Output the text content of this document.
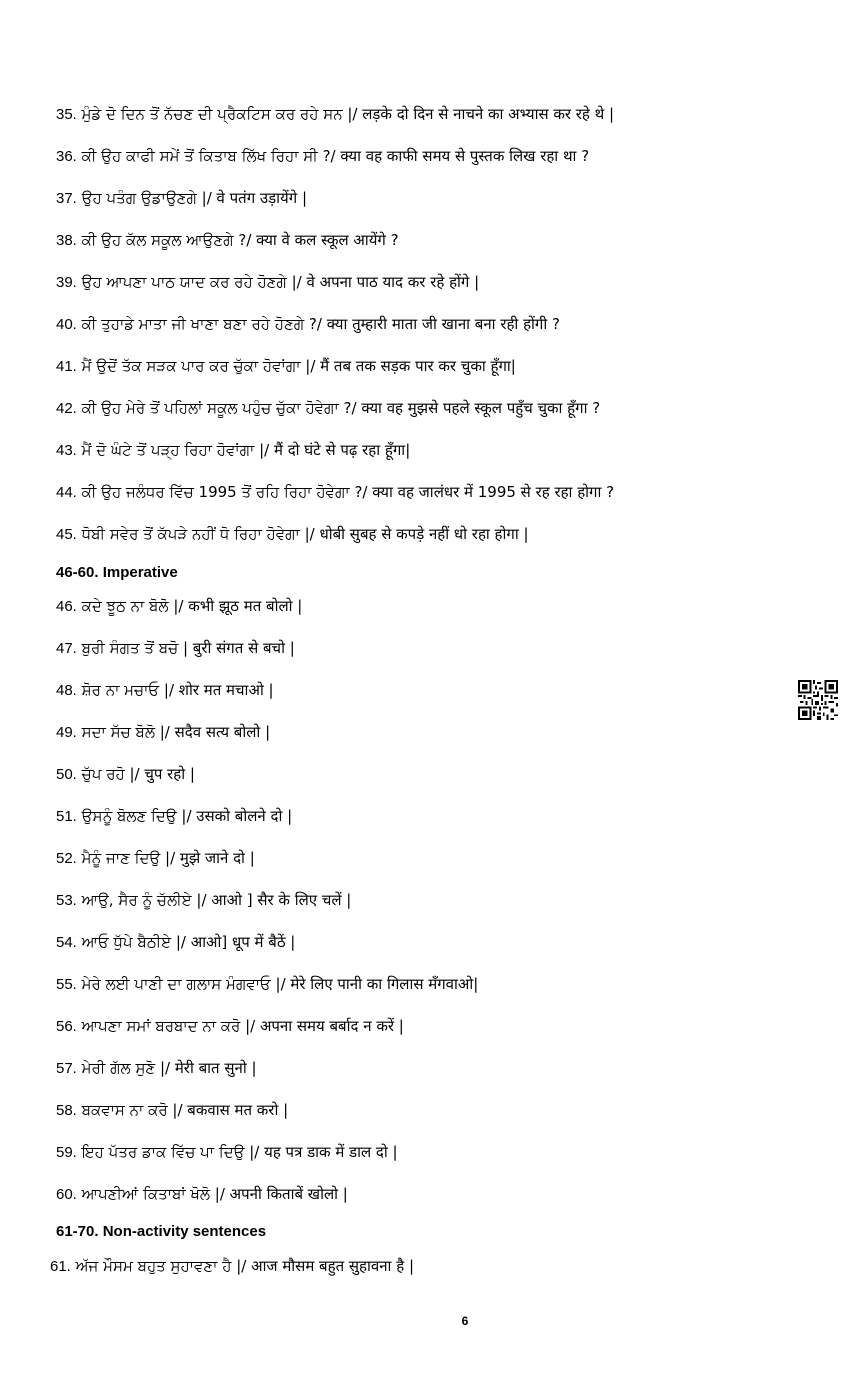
35. ਮੁੰਡੇ ਦੋ ਦਿਨ ਤੋਂ ਨੱਚਣ ਦੀ ਪ੍ਰੈਕਟਿਸ ਕਰ ਰਹੇ ਸਨ |/ लड़के दो दिन से नाचने का अभ्यास कर रहे थे |
36. ਕੀ ਉਹ ਕਾਫੀ ਸਮੇਂ ਤੋਂ ਕਿਤਾਬ ਲਿੱਖ ਰਿਹਾ ਸੀ ?/ क्या वह काफी समय से पुस्तक लिख रहा था ?
37. ਉਹ ਪਤੰਗ ਉਡਾਉਣਗੇ |/ वे पतंग उड़ायेंगे |
38. ਕੀ ਉਹ ਕੱਲ ਸਕੂਲ ਆਉਣਗੇ ?/ क्या वे कल स्कूल आयेंगे ?
39. ਉਹ ਆਪਣਾ ਪਾਠ ਯਾਦ ਕਰ ਰਹੇ ਹੋਣਗੇ |/ वे अपना पाठ याद कर रहे होंगे |
40. ਕੀ ਤੁਹਾਡੇ ਮਾਤਾ ਜੀ ਖਾਣਾ ਬਣਾ ਰਹੇ ਹੋਣਗੇ ?/ क्या तुम्हारी माता जी खाना बना रही होंगी ?
41. ਮੈਂ ਉਦੋਂ ਤੱਕ ਸੜਕ ਪਾਰ ਕਰ ਚੁੱਕਾ ਹੋਵਾਂਗਾ |/ मैं तब तक सड़क पार कर चुका हूँगा|
42. ਕੀ ਉਹ ਮੇਰੇ ਤੋਂ ਪਹਿਲਾਂ ਸਕੂਲ ਪਹੁੰਚ ਚੁੱਕਾ ਹੋਵੇਗਾ ?/ क्या वह मुझसे पहले स्कूल पहुँच चुका हूँगा ?
43. ਮੈਂ ਦੋ ਘੰਟੇ ਤੋਂ ਪੜ੍ਹ ਰਿਹਾ ਹੋਵਾਂਗਾ |/ मैं दो घंटे से पढ़ रहा हूँगा|
44. ਕੀ ਉਹ ਜਲੰਧਰ ਵਿੱਚ 1995 ਤੋਂ ਰਹਿ ਰਿਹਾ ਹੋਵੇਗਾ ?/ क्या वह जालंधर में 1995 से रह रहा होगा ?
45. ਧੋਬੀ ਸਵੇਰ ਤੋਂ ਕੱਪੜੇ ਨਹੀਂ ਧੋ ਰਿਹਾ ਹੋਵੇਗਾ |/ धोबी सुबह से कपड़े नहीं धो रहा होगा |
46-60. Imperative
46. ਕਦੇ ਝੂਠ ਨਾ ਬੋਲੋ |/ कभी झूठ मत बोलो |
47. ਬੁਰੀ ਸੰਗਤ ਤੋਂ ਬਚੋ | बुरी संगत से बचो |
48. ਸ਼ੋਰ ਨਾ ਮਚਾਓ |/ शोर मत मचाओ |
49. ਸਦਾ ਸੱਚ ਬੋਲੋ |/ सदैव सत्य बोलो |
50. ਚੁੱਪ ਰਹੋ |/ चुप रहो |
51. ਉਸਨੂੰ ਬੋਲਣ ਦਿਉ |/ उसको बोलने दो |
52. ਮੈਨੂੰ ਜਾਣ ਦਿਉ |/ मुझे जाने दो |
53. ਆਉ, ਸੈਰ ਨੂੰ ਚੱਲੀਏ |/ आओ ] सैर के लिए चलें |
54. ਆਓ ਧੁੱਪੇ ਬੈਠੀਏ |/ आओ] धूप में बैठें |
55. ਮੇਰੇ ਲਈ ਪਾਣੀ ਦਾ ਗਲਾਸ ਮੰਗਵਾਓ |/ मेरे लिए पानी का गिलास मँगवाओ|
56. ਆਪਣਾ ਸਮਾਂ ਬਰਬਾਦ ਨਾ ਕਰੋ |/ अपना समय बर्बाद न करें |
57. ਮੇਰੀ ਗੱਲ ਸੁਣੋ |/ मेरी बात सुनो |
58. ਬਕਵਾਸ ਨਾ ਕਰੋ |/ बकवास मत करो |
59. ਇਹ ਪੱਤਰ ਡਾਕ ਵਿੱਚ ਪਾ ਦਿਉ |/ यह पत्र डाक में डाल दो |
60. ਆਪਣੀਆਂ ਕਿਤਾਬਾਂ ਖੋਲੋ |/ अपनी किताबें खोलो |
61-70. Non-activity sentences
61. ਅੱਜ ਮੌਸਮ ਬਹੁਤ ਸੁਹਾਵਣਾ ਹੈ |/ आज मौसम बहुत सुहावना है |
6
